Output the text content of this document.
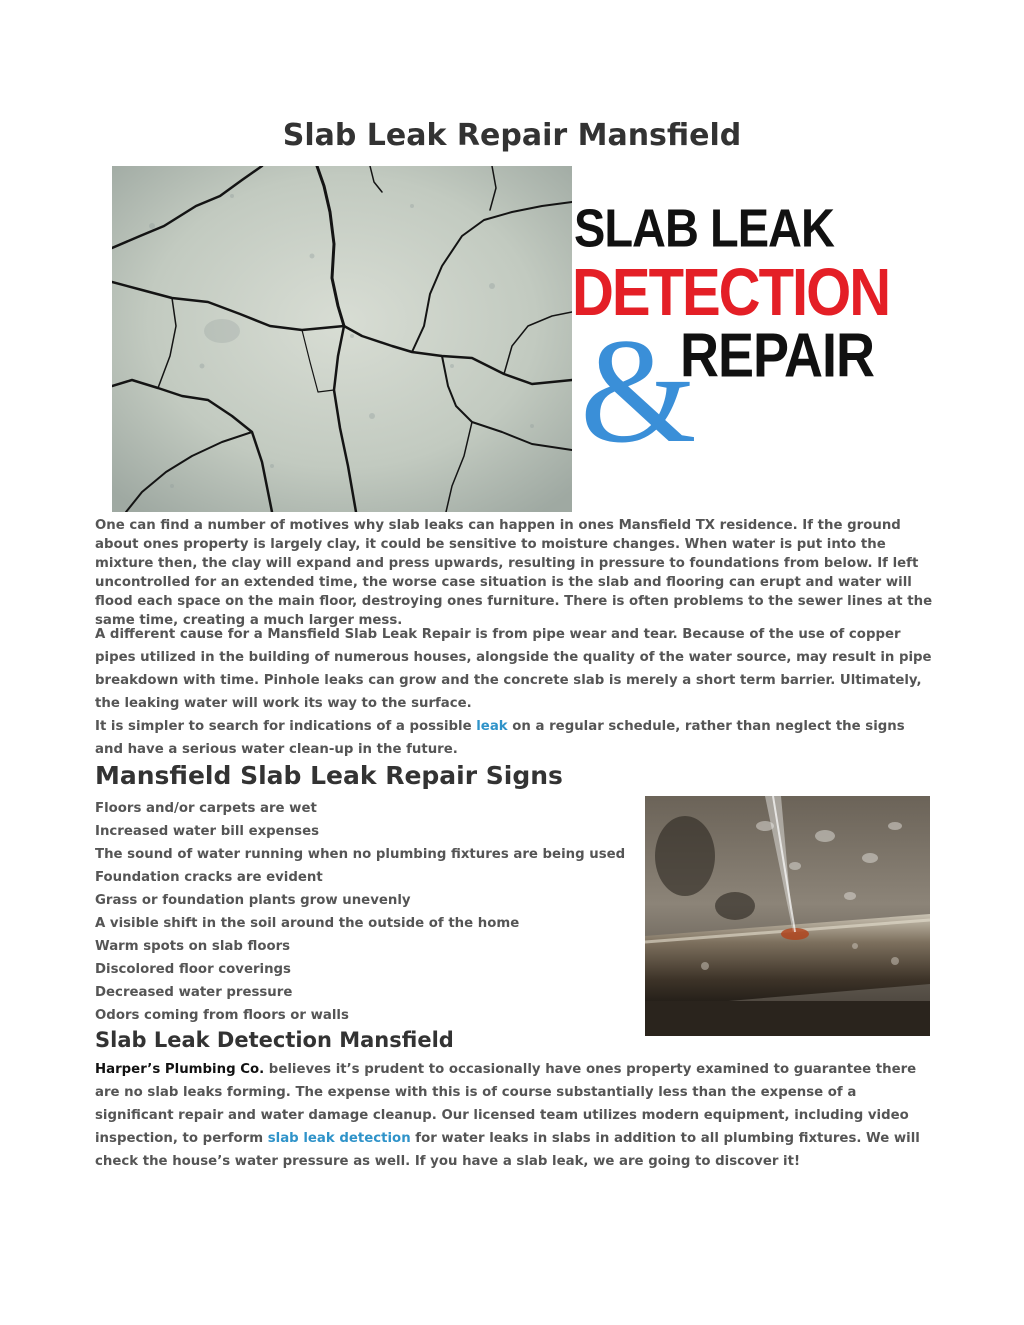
Slab Leak Repair Mansfield
SLAB LEAK
DETECTION
&
REPAIR

One can find a number of motives why slab leaks can happen in ones Mansfield TX residence. If the ground about ones property is largely clay, it could be sensitive to moisture changes. When water is put into the mixture then, the clay will expand and press upwards, resulting in pressure to foundations from below. If left uncontrolled for an extended time, the worse case situation is the slab and flooring can erupt and water will flood each space on the main floor, destroying ones furniture. There is often problems to the sewer lines at the same time, creating a much larger mess.

A different cause for a Mansfield Slab Leak Repair is from pipe wear and tear. Because of the use of copper pipes utilized in the building of numerous houses, alongside the quality of the water source, may result in pipe breakdown with time. Pinhole leaks can grow and the concrete slab is merely a short term barrier. Ultimately, the leaking water will work its way to the surface.
It is simpler to search for indications of a possible leak on a regular schedule, rather than neglect the signs and have a serious water clean-up in the future.
Mansfield Slab Leak Repair Signs
Floors and/or carpets are wet
Increased water bill expenses
The sound of water running when no plumbing fixtures are being used
Foundation cracks are evident
Grass or foundation plants grow unevenly
A visible shift in the soil around the outside of the home
Warm spots on slab floors
Discolored floor coverings
Decreased water pressure
Odors coming from floors or walls
Slab Leak Detection Mansfield

Harper’s Plumbing Co. believes it’s prudent to occasionally have ones property examined to guarantee there are no slab leaks forming. The expense with this is of course substantially less than the expense of a significant repair and water damage cleanup. Our licensed team utilizes modern equipment, including video inspection, to perform slab leak detection for water leaks in slabs in addition to all plumbing fixtures. We will check the house’s water pressure as well. If you have a slab leak, we are going to discover it!
